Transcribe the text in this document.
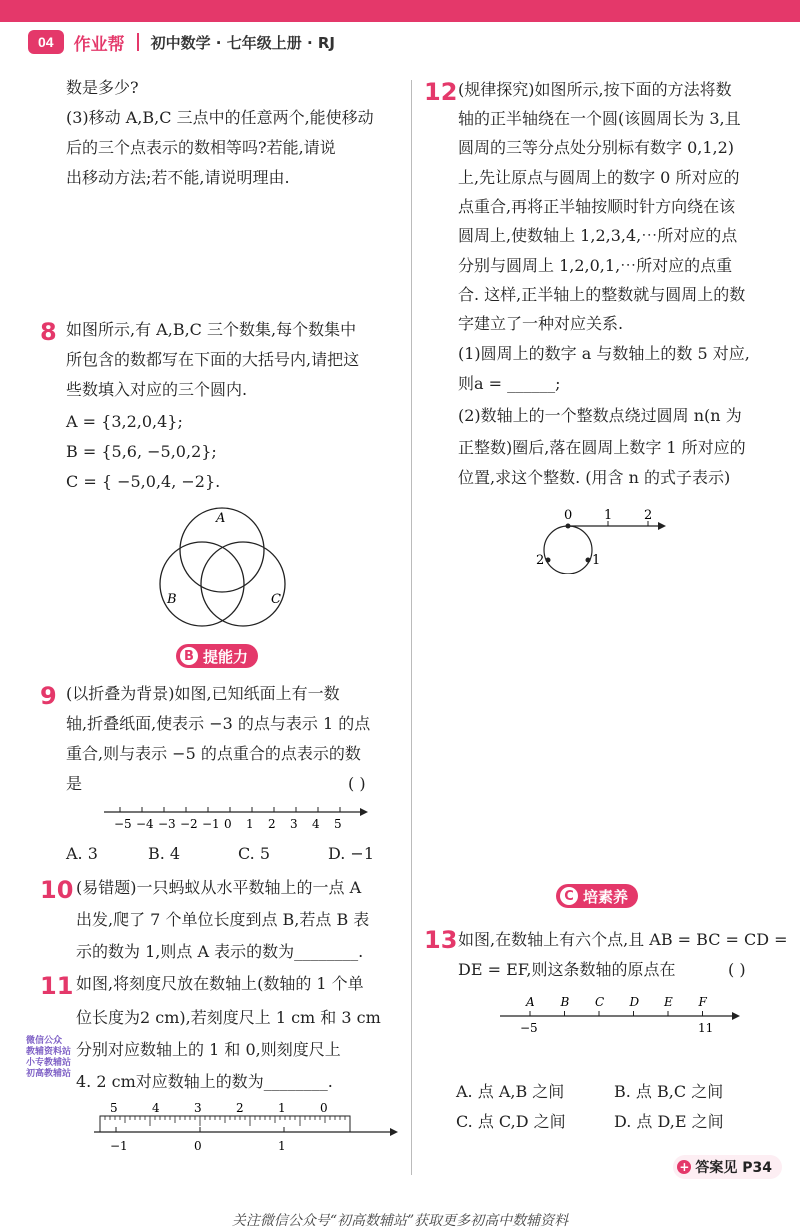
04	作业帮 初中数学 · 七年级上册 · RJ
数是多少?
(3)移动 A,B,C 三点中的任意两个,能使移动
后的三个点表示的数相等吗?若能,请说
出移动方法;若不能,请说明理由.
8 如图所示,有 A,B,C 三个数集,每个数集中
所包含的数都写在下面的大括号内,请把这
些数填入对应的三个圆内.
A = {3,2,0,4};
B = {5,6, −5,0,2};
C = { −5,0,4, −2}.
A
B	C
B 提能力
9 (以折叠为背景)如图,已知纸面上有一数
轴,折叠纸面,使表示 −3 的点与表示 1 的点
重合,则与表示 −5 的点重合的点表示的数
是	( )
−5 −4 −3 −2 −1 0 1 2 3 4 5
A. 3	B. 4	C. 5	D. −1
10 (易错题)一只蚂蚁从水平数轴上的一点 A
出发,爬了 7 个单位长度到点 B,若点 B 表
示的数为 1,则点 A 表示的数为________.
11 如图,将刻度尺放在数轴上(数轴的 1 个单
位长度为2 cm),若刻度尺上 1 cm 和 3 cm
分别对应数轴上的 1 和 0,则刻度尺上
4. 2 cm对应数轴上的数为________.
微信公众
教辅资料站
小专教辅站
初高教辅站
5	4	3	2	1	0
−1	0	1
12 (规律探究)如图所示,按下面的方法将数
轴的正半轴绕在一个圆(该圆周长为 3,且
圆周的三等分点处分别标有数字 0,1,2)
上,先让原点与圆周上的数字 0 所对应的
点重合,再将正半轴按顺时针方向绕在该
圆周上,使数轴上 1,2,3,4,⋯所对应的点
分别与圆周上 1,2,0,1,⋯所对应的点重
合. 这样,正半轴上的整数就与圆周上的数
字建立了一种对应关系.
(1)圆周上的数字 a 与数轴上的数 5 对应,
则a = ______;
(2)数轴上的一个整数点绕过圆周 n(n 为
正整数)圈后,落在圆周上数字 1 所对应的
位置,求这个整数. (用含 n 的式子表示)
0 1 2
2	1
C 培素养
13 如图,在数轴上有六个点,且 AB = BC = CD =
DE = EF,则这条数轴的原点在	( )
A B C D E F
−5	11
A. 点 A,B 之间	B. 点 B,C 之间
C. 点 C,D 之间	D. 点 D,E 之间
+ 答案见 P34
关注微信公众号“初高数辅站”获取更多初高中数辅资料
